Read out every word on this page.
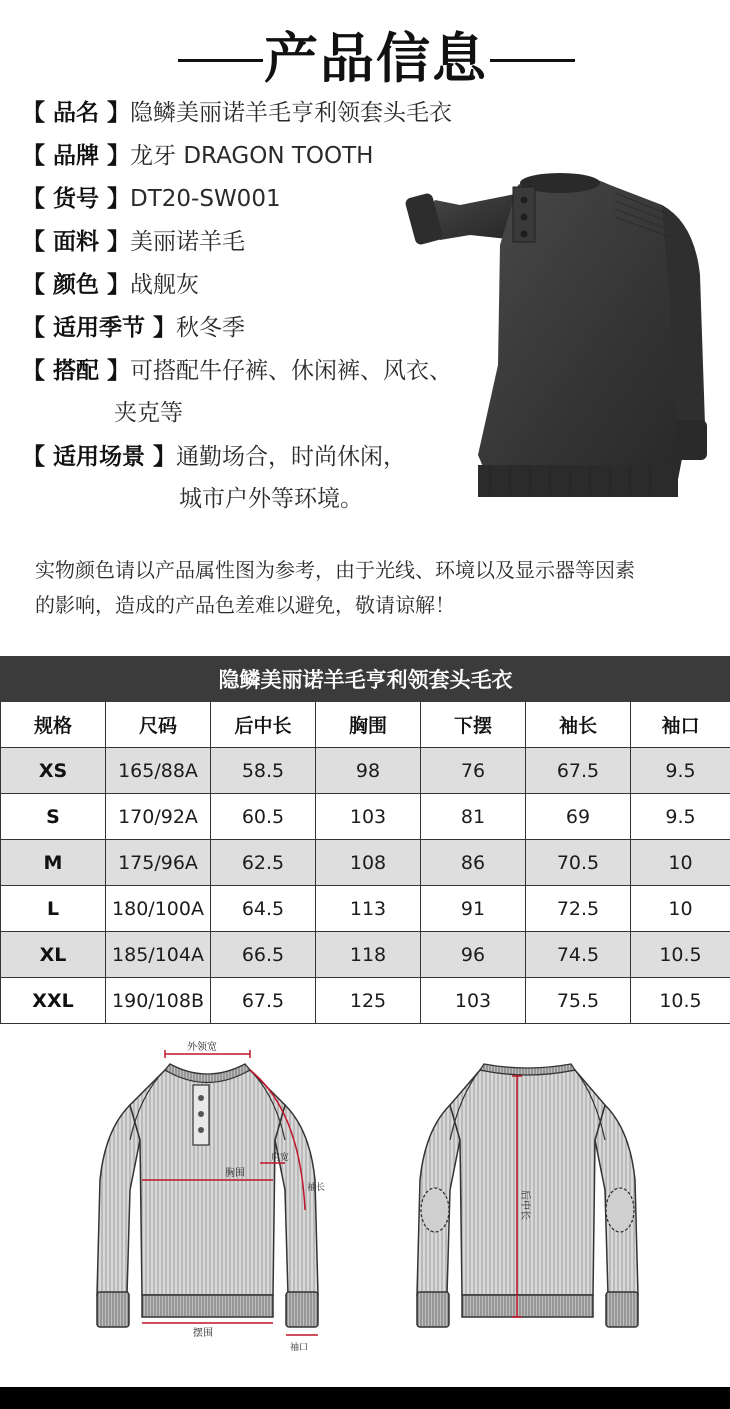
产品信息
【 品名 】 隐鳞美丽诺羊毛亨利领套头毛衣
【 品牌 】 龙牙 DRAGON TOOTH
【 货号 】 DT20-SW001
【 面料 】 美丽诺羊毛
【 颜色 】 战舰灰
【 适用季节 】 秋冬季
【 搭配 】 可搭配牛仔裤、休闲裤、风衣、
夹克等
【 适用场景 】 通勤场合，时尚休闲，
城市户外等环境。
实物颜色请以产品属性图为参考，由于光线、环境以及显示器等因素
的影响，造成的产品色差难以避免，敬请谅解！
隐鳞美丽诺羊毛亨利领套头毛衣						
规格	尺码	后中长	胸围	下摆	袖长	袖口
XS	165/88A	58.5	98	76	67.5	9.5
S	170/92A	60.5	103	81	69	9.5
M	175/96A	62.5	108	86	70.5	10
L	180/100A	64.5	113	91	72.5	10
XL	185/104A	66.5	118	96	74.5	10.5
XXL	190/108B	67.5	125	103	75.5	10.5
外领宽
胸围
肩宽
袖长
摆围
袖口
后中长
